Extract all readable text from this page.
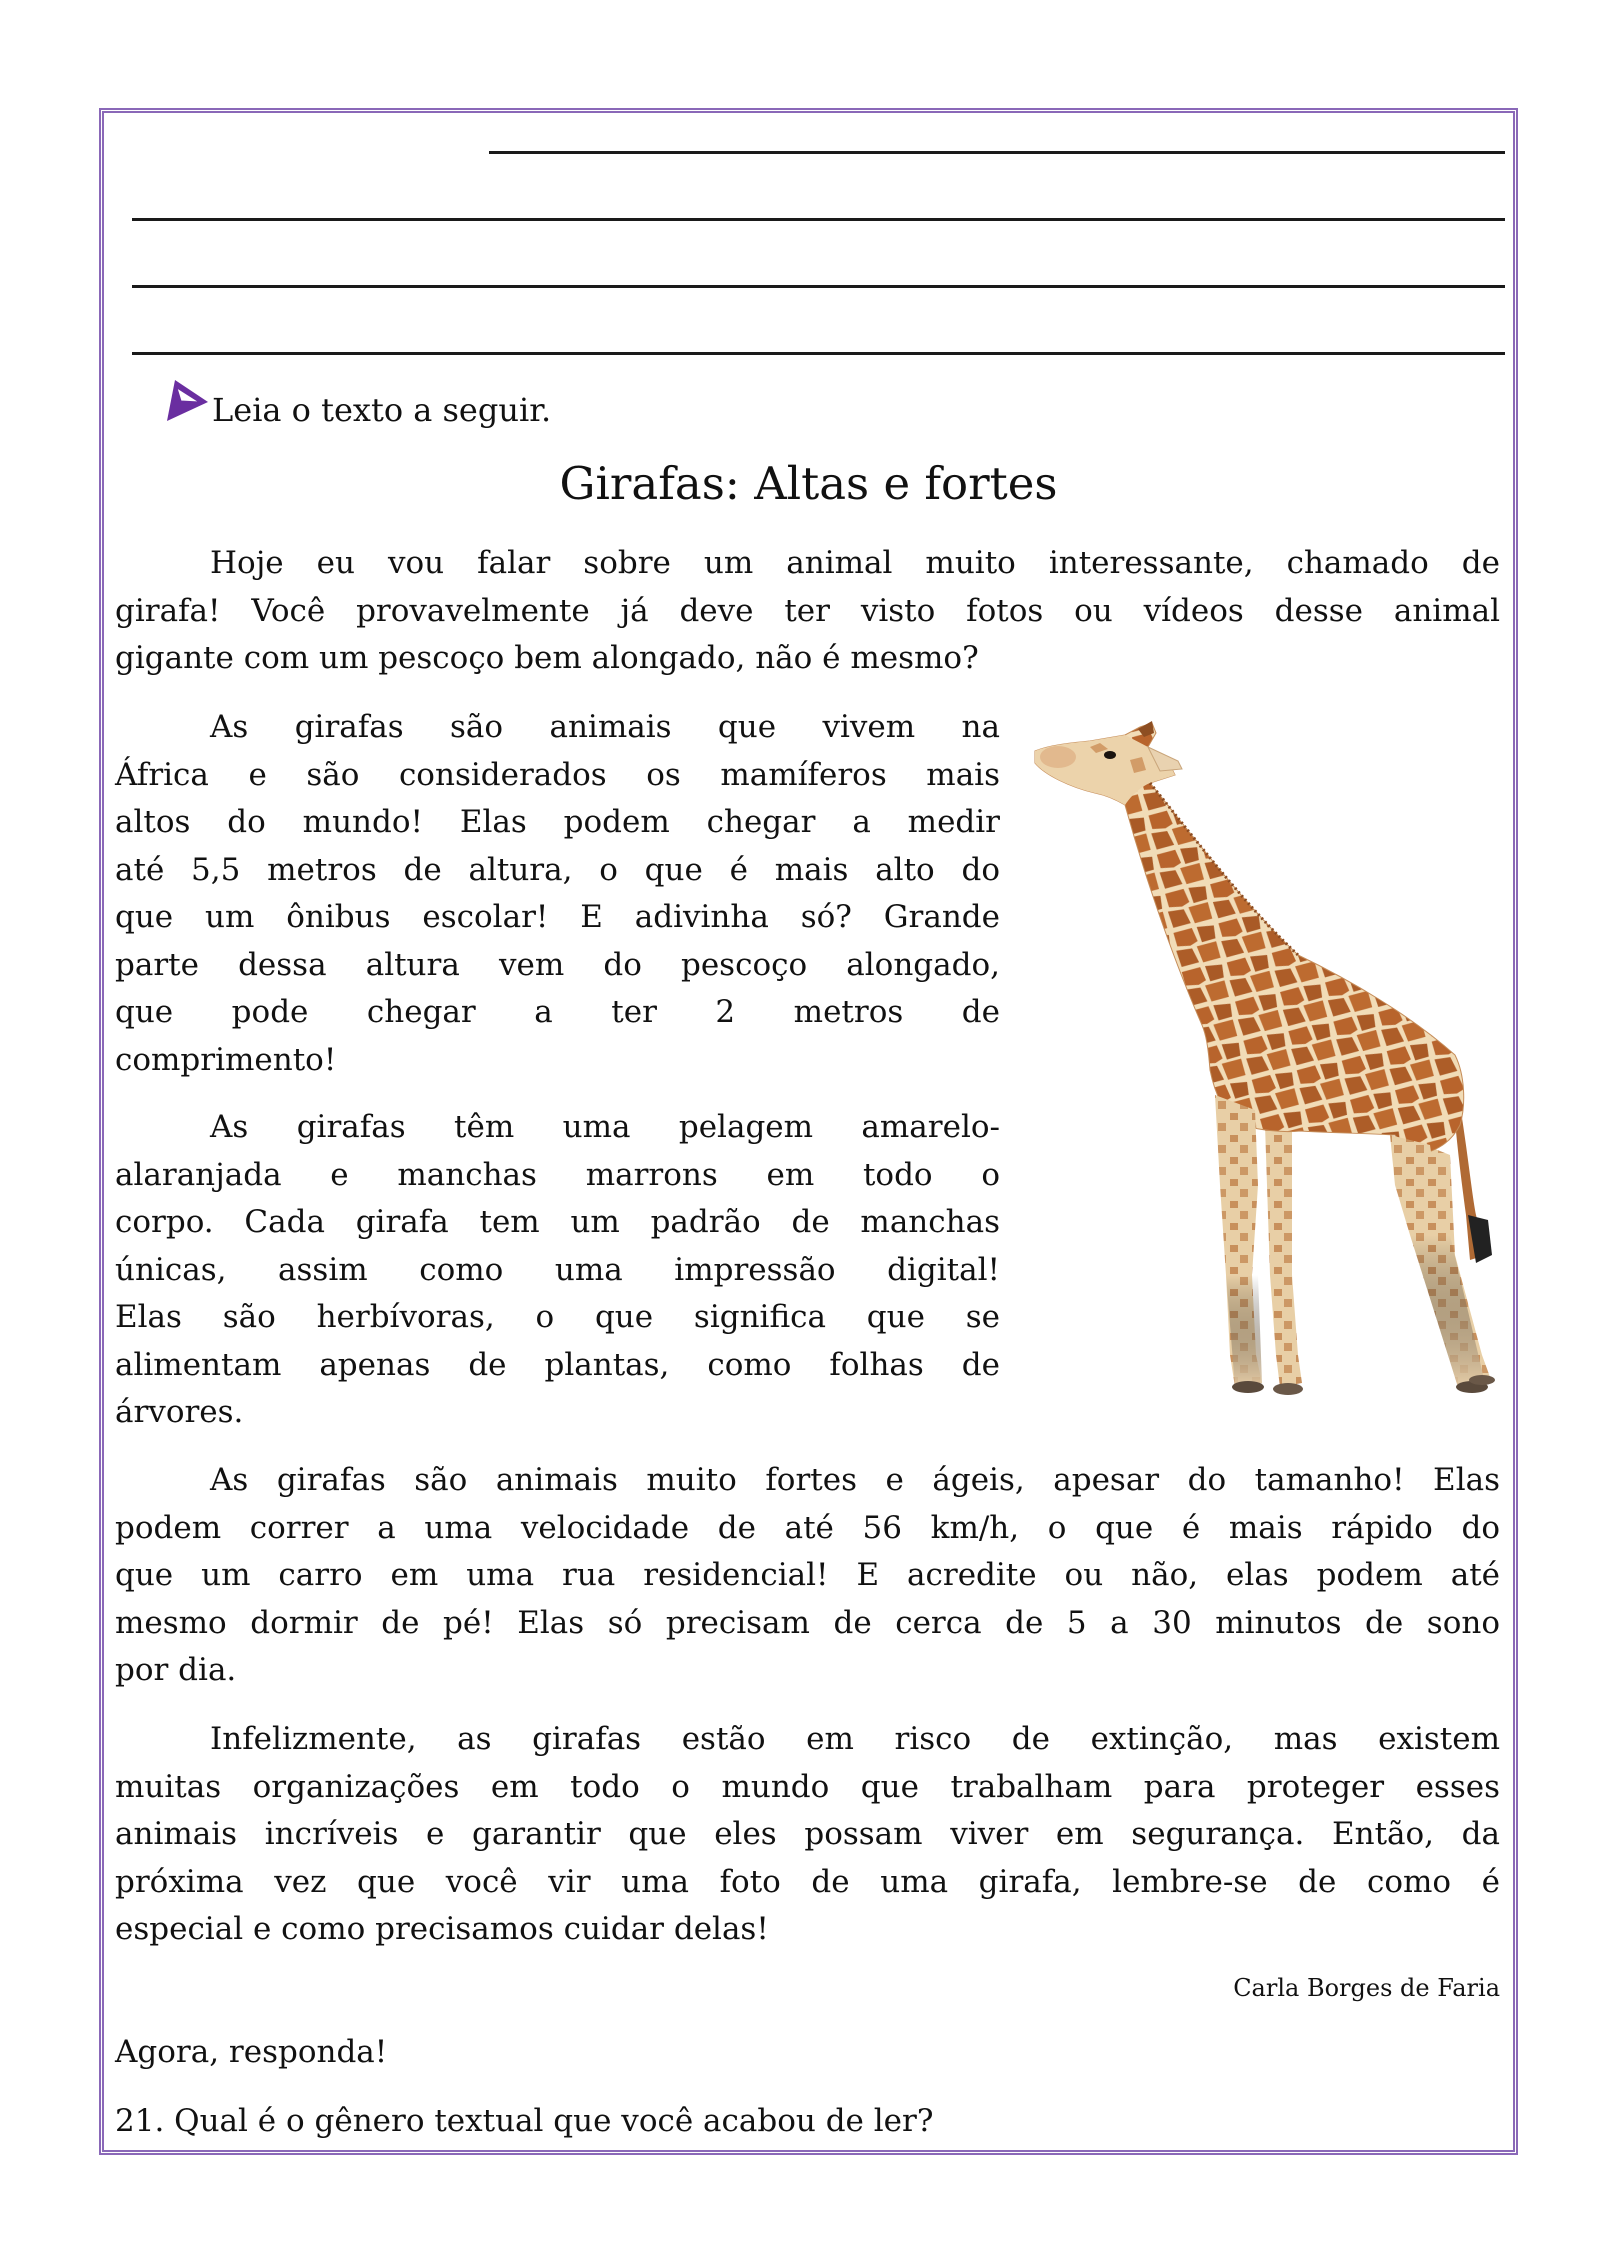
Leia o texto a seguir.
Girafas: Altas e fortes
Hoje eu vou falar sobre um animal muito interessante, chamado de
girafa! Você provavelmente já deve ter visto fotos ou vídeos desse animal
gigante com um pescoço bem alongado, não é mesmo?
As girafas são animais que vivem na
África e são considerados os mamíferos mais
altos do mundo! Elas podem chegar a medir
até 5,5 metros de altura, o que é mais alto do
que um ônibus escolar! E adivinha só? Grande
parte dessa altura vem do pescoço alongado,
que pode chegar a ter 2 metros de
comprimento!
As girafas têm uma pelagem amarelo-
alaranjada e manchas marrons em todo o
corpo. Cada girafa tem um padrão de manchas
únicas, assim como uma impressão digital!
Elas são herbívoras, o que significa que se
alimentam apenas de plantas, como folhas de
árvores.
As girafas são animais muito fortes e ágeis, apesar do tamanho! Elas
podem correr a uma velocidade de até 56 km/h, o que é mais rápido do
que um carro em uma rua residencial! E acredite ou não, elas podem até
mesmo dormir de pé! Elas só precisam de cerca de 5 a 30 minutos de sono
por dia.
Infelizmente, as girafas estão em risco de extinção, mas existem
muitas organizações em todo o mundo que trabalham para proteger esses
animais incríveis e garantir que eles possam viver em segurança. Então, da
próxima vez que você vir uma foto de uma girafa, lembre-se de como é
especial e como precisamos cuidar delas!
Carla Borges de Faria
Agora, responda!
21. Qual é o gênero textual que você acabou de ler?
